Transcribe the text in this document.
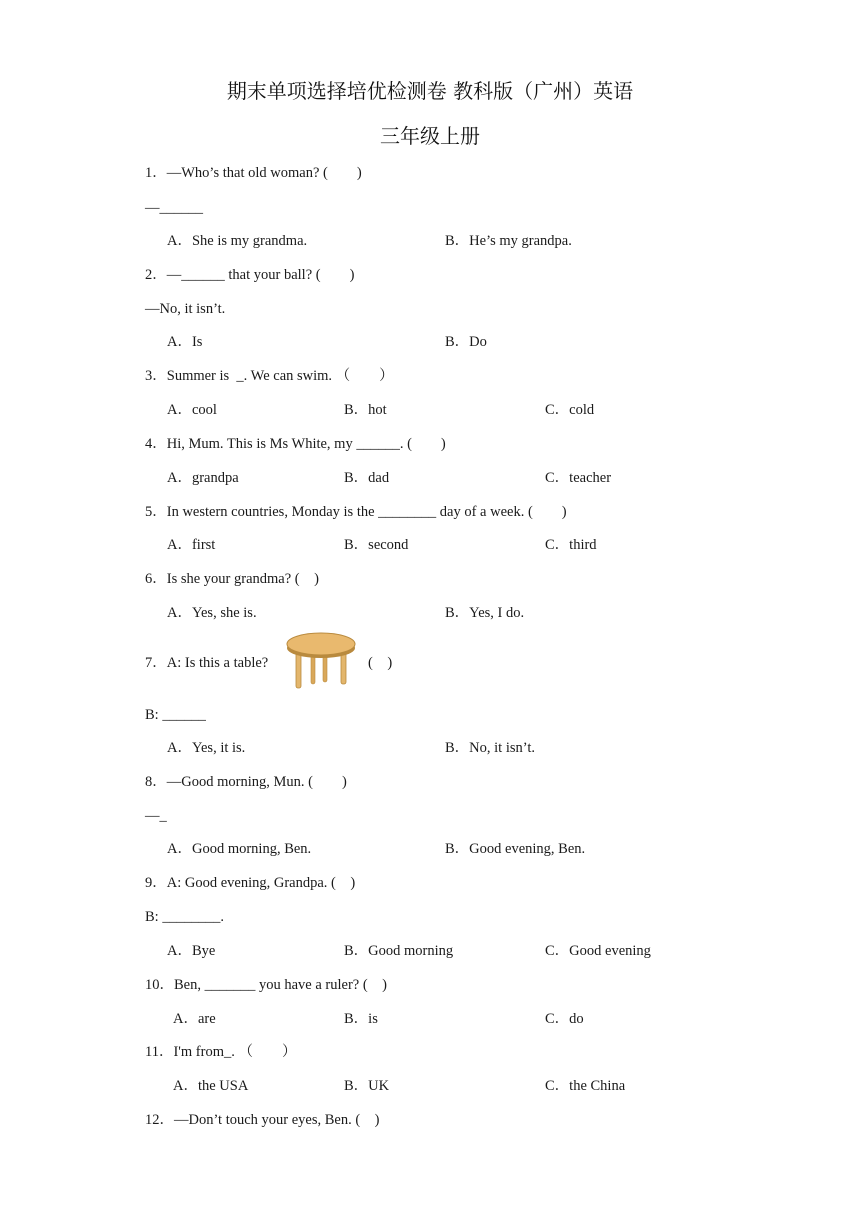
期末单项选择培优检测卷 教科版（广州）英语
三年级上册
1．—Who’s that old woman? (　　)
—______
A．She is my grandma.	B．He’s my grandpa.
2．—______ that your ball? (　　)
—No, it isn’t.
A．Is	B．Do
3．Summer is  _. We can swim. （　　）
A．cool	B．hot	C．cold
4．Hi, Mum. This is Ms White, my ______. (　　)
A．grandpa	B．dad	C．teacher
5．In western countries, Monday is the ________ day of a week. (　　)
A．first	B．second	C．third
6．Is she your grandma? (　)
A．Yes, she is.	B．Yes, I do.
7．A: Is this a table?	(　)
B: ______
A．Yes, it is.	B．No, it isn’t.
8．—Good morning, Mun. (　　)
—_
A．Good morning, Ben.	B．Good evening, Ben.
9．A: Good evening, Grandpa. (　)
B: ________.
A．Bye	B．Good morning	C．Good evening
10．Ben, _______ you have a ruler? (　)
A．are	B．is	C．do
11．I'm from_. （　　）
A．the USA	B．UK	C．the China
12．—Don’t touch your eyes, Ben. (　)
